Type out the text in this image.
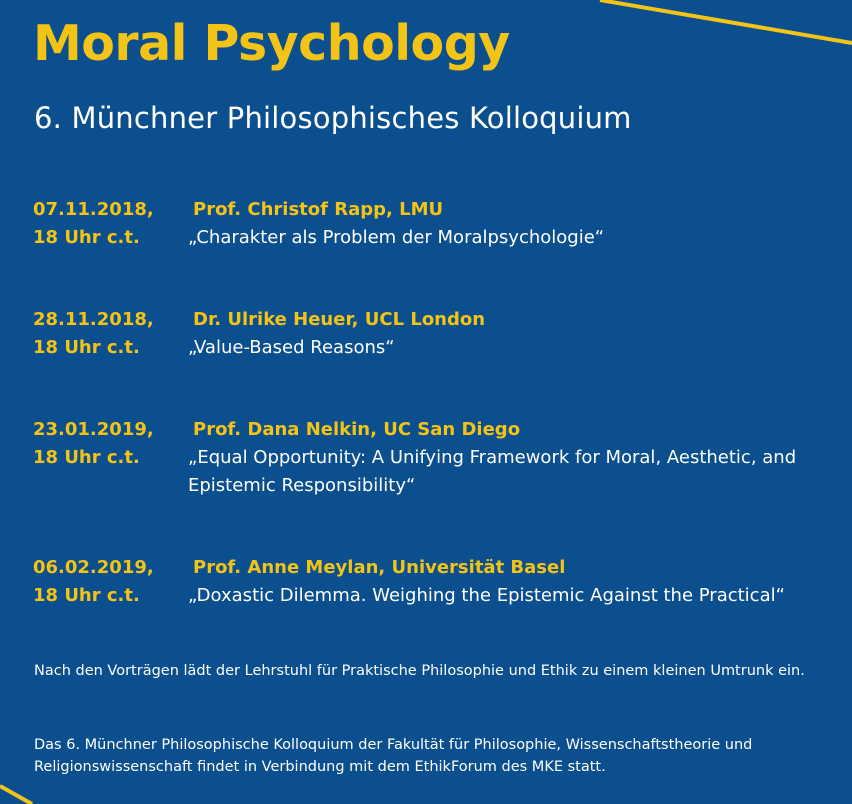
Moral Psychology
6. Münchner Philosophisches Kolloquium
07.11.2018,	Prof. Christof Rapp, LMU
18 Uhr c.t.	„Charakter als Problem der Moralpsychologie“
28.11.2018,	Dr. Ulrike Heuer, UCL London
18 Uhr c.t.	„Value-Based Reasons“
23.01.2019,	Prof. Dana Nelkin, UC San Diego
18 Uhr c.t.	„Equal Opportunity: A Unifying Framework for Moral, Aesthetic, and Epistemic Responsibility“
06.02.2019,	Prof. Anne Meylan, Universität Basel
18 Uhr c.t.	„Doxastic Dilemma. Weighing the Epistemic Against the Practical“

Nach den Vorträgen lädt der Lehrstuhl für Praktische Philosophie und Ethik zu einem kleinen Umtrunk ein.

Das 6. Münchner Philosophische Kolloquium der Fakultät für Philosophie, Wissenschaftstheorie und Religionswissenschaft findet in Verbindung mit dem EthikForum des MKE statt.
